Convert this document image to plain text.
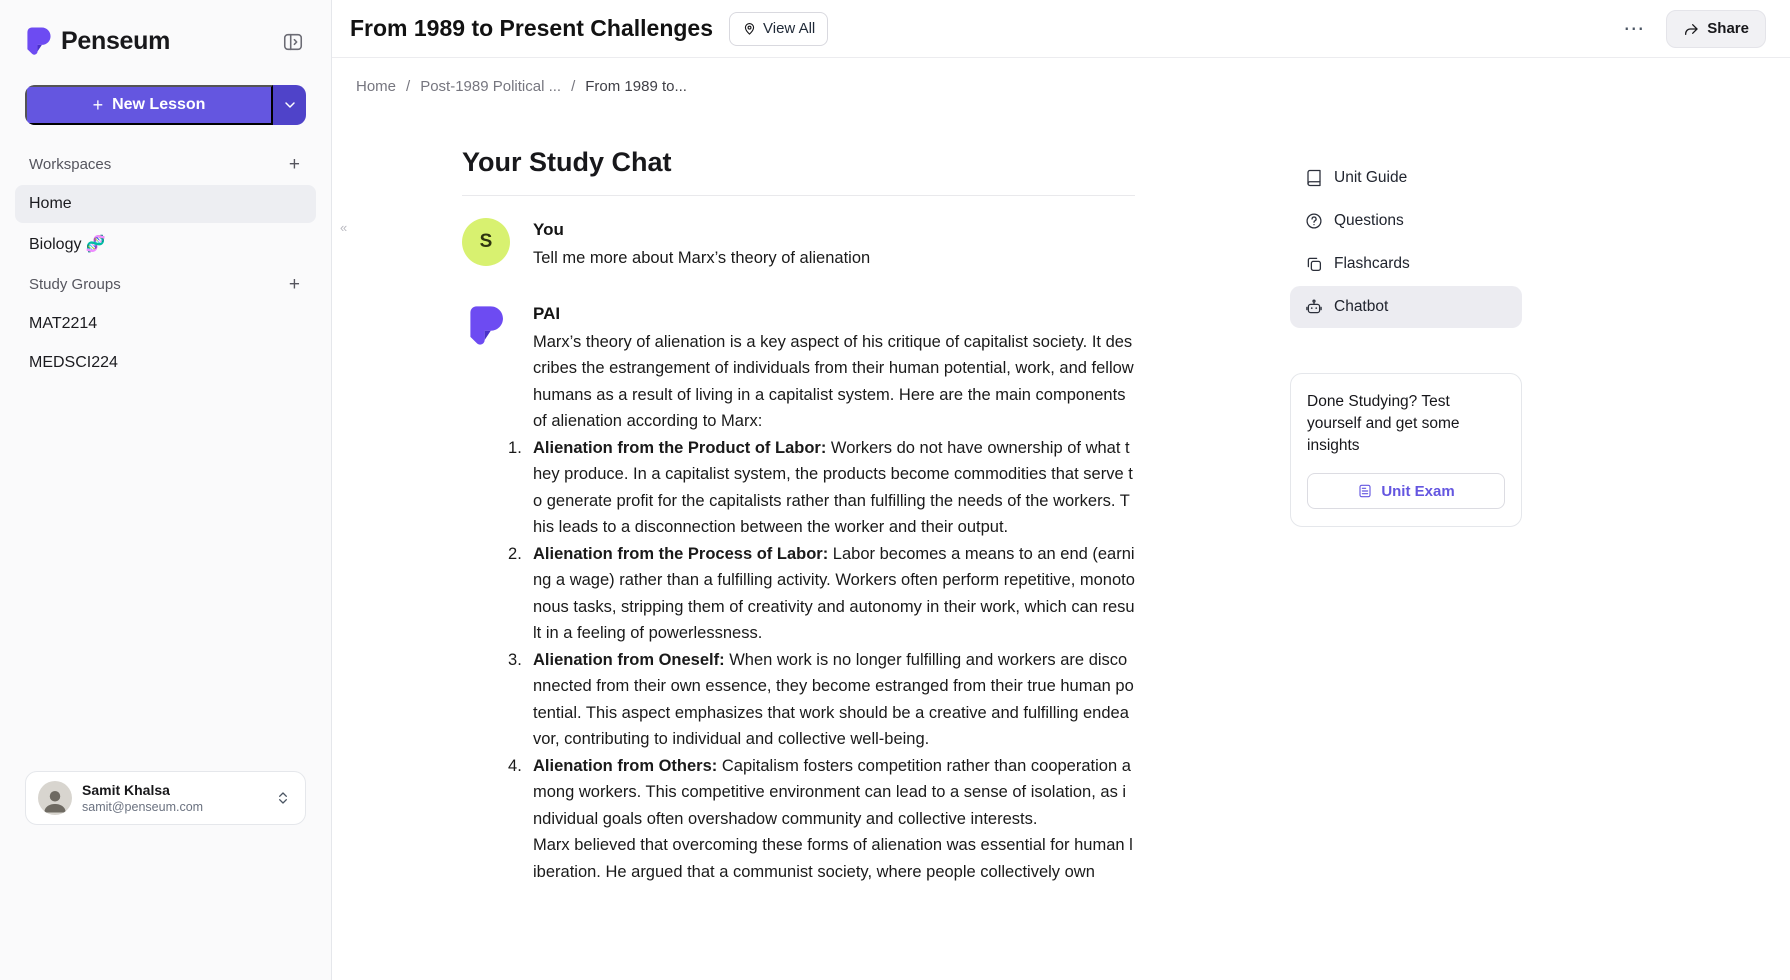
Penseum
+ New Lesson
Workspaces	+
Home
Biology 🧬
Study Groups	+
MAT2214
MEDSCI224
Samit Khalsa
samit@penseum.com
«
From 1989 to Present Challenges	View All	⋯	Share
Home / Post-1989 Political ... / From 1989 to...
Your Study Chat
S
You
Tell me more about Marx’s theory of alienation
PAI
Marx’s theory of alienation is a key aspect of his critique of capitalist society. It describes the estrangement of individuals from their human potential, work, and fellow humans as a result of living in a capitalist system. Here are the main components of alienation according to Marx:
Alienation from the Product of Labor: Workers do not have ownership of what they produce. In a capitalist system, the products become commodities that serve to generate profit for the capitalists rather than fulfilling the needs of the workers. This leads to a disconnection between the worker and their output.
Alienation from the Process of Labor: Labor becomes a means to an end (earning a wage) rather than a fulfilling activity. Workers often perform repetitive, monotonous tasks, stripping them of creativity and autonomy in their work, which can result in a feeling of powerlessness.
Alienation from Oneself: When work is no longer fulfilling and workers are disconnected from their own essence, they become estranged from their true human potential. This aspect emphasizes that work should be a creative and fulfilling endeavor, contributing to individual and collective well-being.
Alienation from Others: Capitalism fosters competition rather than cooperation among workers. This competitive environment can lead to a sense of isolation, as individual goals often overshadow community and collective interests.
Marx believed that overcoming these forms of alienation was essential for human liberation. He argued that a communist society, where people collectively own
Unit Guide
Questions
Flashcards
Chatbot
Done Studying? Test yourself and get some insights
Unit Exam
